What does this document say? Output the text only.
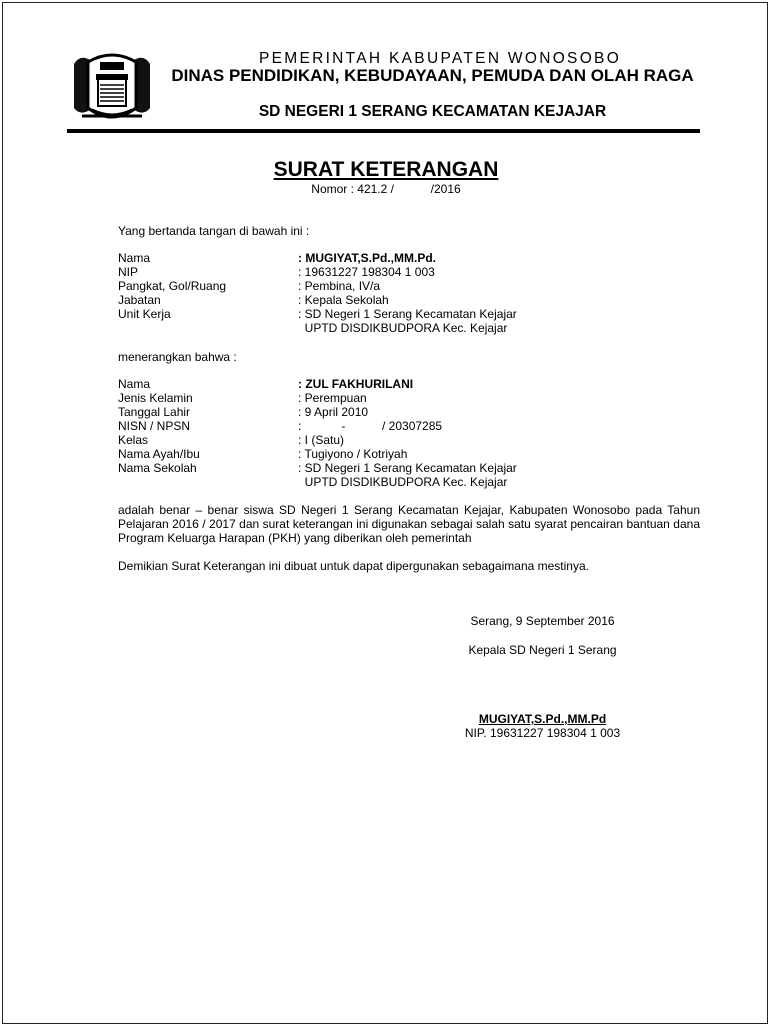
PEMERINTAH KABUPATEN WONOSOBO
DINAS PENDIDIKAN, KEBUDAYAAN, PEMUDA DAN OLAH RAGA
SD NEGERI 1 SERANG KECAMATAN KEJAJAR
SURAT KETERANGAN
Nomor : 421.2 /           /2016
Yang bertanda tangan di bawah ini :
Nama	: MUGIYAT,S.Pd.,MM.Pd.
NIP	: 19631227 198304 1 003
Pangkat, Gol/Ruang	: Pembina, IV/a
Jabatan	: Kepala Sekolah
Unit Kerja	: SD Negeri 1 Serang Kecamatan Kejajar
UPTD DISDIKBUDPORA Kec. Kejajar
menerangkan bahwa :
Nama	: ZUL FAKHURILANI
Jenis Kelamin	: Perempuan
Tanggal Lahir	: 9 April 2010
NISN / NPSN	:            -           / 20307285
Kelas	: I (Satu)
Nama Ayah/Ibu	: Tugiyono / Kotriyah
Nama Sekolah	: SD Negeri 1 Serang Kecamatan Kejajar
UPTD DISDIKBUDPORA Kec. Kejajar
adalah benar – benar siswa SD Negeri 1 Serang Kecamatan Kejajar, Kabupaten Wonosobo pada Tahun Pelajaran 2016 / 2017 dan surat keterangan ini digunakan sebagai salah satu syarat pencairan bantuan dana Program Keluarga Harapan (PKH) yang diberikan oleh pemerintah
Demikian Surat Keterangan ini dibuat untuk dapat dipergunakan sebagaimana mestinya.
Serang, 9 September 2016
Kepala SD Negeri 1 Serang
MUGIYAT,S.Pd.,MM.Pd
NIP. 19631227 198304 1 003
